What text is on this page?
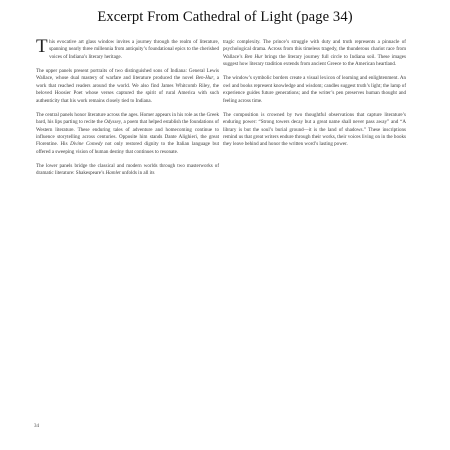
Excerpt From Cathedral of Light (page 34)

This evocative art glass window invites a journey through the realm of literature, spanning nearly three millennia from antiquity’s foundational epics to the cherished voices of Indiana’s literary heritage.

The upper panels present portraits of two distinguished sons of Indiana: General Lewis Wallace, whose dual mastery of warfare and literature produced the novel Ben-Hur, a work that reached readers around the world. We also find James Whitcomb Riley, the beloved Hoosier Poet whose verses captured the spirit of rural America with such authenticity that his work remains closely tied to Indiana.

The central panels honor literature across the ages. Homer appears in his role as the Greek bard, his lips parting to recite the Odyssey, a poem that helped establish the foundations of Western literature. These enduring tales of adventure and homecoming continue to influence storytelling across centuries. Opposite him stands Dante Alighieri, the great Florentine. His Divine Comedy not only restored dignity to the Italian language but offered a sweeping vision of human destiny that continues to resonate.

The lower panels bridge the classical and modern worlds through two masterworks of dramatic literature: Shakespeare’s Hamlet unfolds in all its

tragic complexity. The prince’s struggle with duty and truth represents a pinnacle of psychological drama. Across from this timeless tragedy, the thunderous chariot race from Wallace’s Ben Hur brings the literary journey full circle to Indiana soil. These images suggest how literary tradition extends from ancient Greece to the American heartland.

The window’s symbolic borders create a visual lexicon of learning and enlightenment. An owl and books represent knowledge and wisdom; candles suggest truth’s light; the lamp of experience guides future generations; and the writer’s pen preserves human thought and feeling across time.

The composition is crowned by two thoughtful observations that capture literature’s enduring power: “Strong towers decay but a great name shall never pass away” and “A library is but the soul’s burial ground—it is the land of shadows.” These inscriptions remind us that great writers endure through their works, their voices living on in the books they leave behind and honor the written word’s lasting power.

34
